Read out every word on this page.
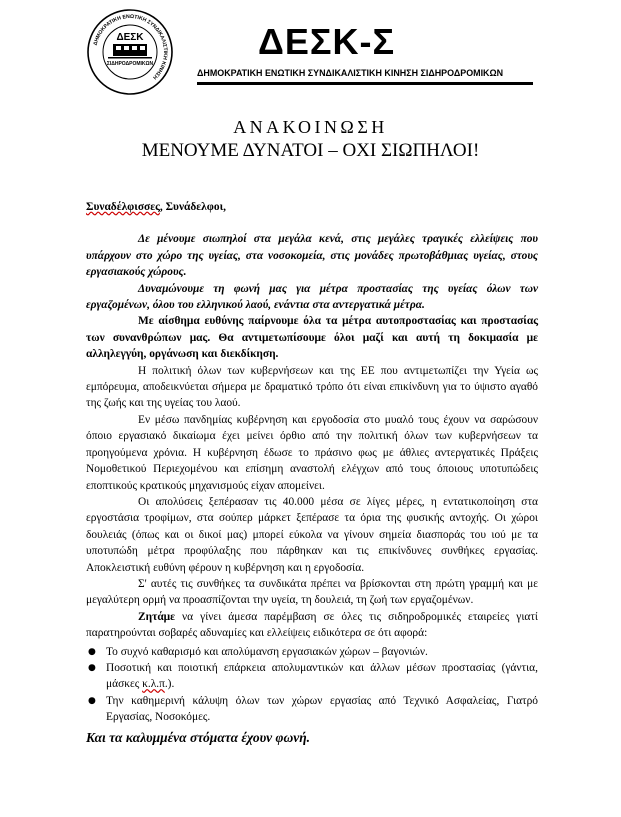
ΔΗΜΟΚΡΑΤΙΚΗ ΕΝΩΤΙΚΗ ΣΥΝΔΙΚΑΛΙΣΤΙΚΗ ΚΙΝΗΣΗ
ΔΕΣΚ
ΣΙΔΗΡΟΔΡΟΜΙΚΩΝ
ΔΕΣΚ-Σ
ΔΗΜΟΚΡΑΤΙΚΗ ΕΝΩΤΙΚΗ ΣΥΝΔΙΚΑΛΙΣΤΙΚΗ ΚΙΝΗΣΗ ΣΙΔΗΡΟΔΡΟΜΙΚΩΝ
ΑΝΑΚΟΙΝΩΣΗ
ΜΕΝΟΥΜΕ ΔΥΝΑΤΟΙ – ΟΧΙ ΣΙΩΠΗΛΟΙ!

Συναδέλφισσες, Συνάδελφοι,

Δε μένουμε σιωπηλοί στα μεγάλα κενά, στις μεγάλες τραγικές ελλείψεις που υπάρχουν στο χώρο της υγείας, στα νοσοκομεία, στις μονάδες πρωτοβάθμιας υγείας, στους εργασιακούς χώρους.

Δυναμώνουμε τη φωνή μας για μέτρα προστασίας της υγείας όλων των εργαζομένων, όλου του ελληνικού λαού, ενάντια στα αντεργατικά μέτρα.

Με αίσθημα ευθύνης παίρνουμε όλα τα μέτρα αυτοπροστασίας και προστασίας των συνανθρώπων μας. Θα αντιμετωπίσουμε όλοι μαζί και αυτή τη δοκιμασία με αλληλεγγύη, οργάνωση και διεκδίκηση.

Η πολιτική όλων των κυβερνήσεων και της ΕΕ που αντιμετωπίζει την Υγεία ως εμπόρευμα, αποδεικνύεται σήμερα με δραματικό τρόπο ότι είναι επικίνδυνη για το ύψιστο αγαθό της ζωής και της υγείας του λαού.

Εν μέσω πανδημίας κυβέρνηση και εργοδοσία στο μυαλό τους έχουν να σαρώσουν όποιο εργασιακό δικαίωμα έχει μείνει όρθιο από την πολιτική όλων των κυβερνήσεων τα προηγούμενα χρόνια. Η κυβέρνηση έδωσε το πράσινο φως με άθλιες αντεργατικές Πράξεις Νομοθετικού Περιεχομένου και επίσημη αναστολή ελέγχων από τους όποιους υποτυπώδεις εποπτικούς κρατικούς μηχανισμούς είχαν απομείνει.

Οι απολύσεις ξεπέρασαν τις 40.000 μέσα σε λίγες μέρες, η εντατικοποίηση στα εργοστάσια τροφίμων, στα σούπερ μάρκετ ξεπέρασε τα όρια της φυσικής αντοχής. Οι χώροι δουλειάς (όπως και οι δικοί μας) μπορεί εύκολα να γίνουν σημεία διασποράς του ιού με τα υποτυπώδη μέτρα προφύλαξης που πάρθηκαν και τις επικίνδυνες συνθήκες εργασίας. Αποκλειστική ευθύνη φέρουν η κυβέρνηση και η εργοδοσία.

Σ' αυτές τις συνθήκες τα συνδικάτα πρέπει να βρίσκονται στη πρώτη γραμμή και με μεγαλύτερη ορμή να προασπίζονται την υγεία, τη δουλειά, τη ζωή των εργαζομένων.

Ζητάμε να γίνει άμεσα παρέμβαση σε όλες τις σιδηροδρομικές εταιρείες γιατί παρατηρούνται σοβαρές αδυναμίες και ελλείψεις ειδικότερα σε ότι αφορά:

● Το συχνό καθαρισμό και απολύμανση εργασιακών χώρων – βαγονιών.
● Ποσοτική και ποιοτική επάρκεια απολυμαντικών και άλλων μέσων προστασίας (γάντια, μάσκες κ.λ.π.).
● Την καθημερινή κάλυψη όλων των χώρων εργασίας από Τεχνικό Ασφαλείας, Γιατρό Εργασίας, Νοσοκόμες.

Και τα καλυμμένα στόματα έχουν φωνή.
